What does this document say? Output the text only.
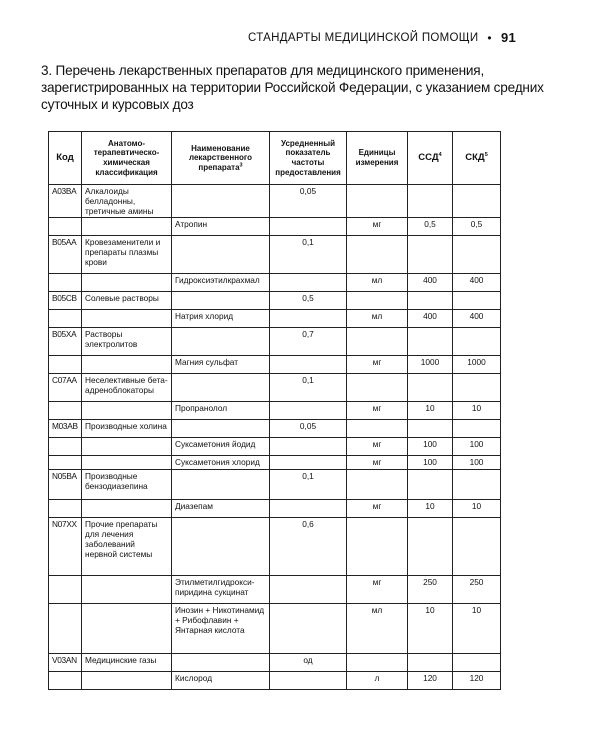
СТАНДАРТЫ МЕДИЦИНСКОЙ ПОМОЩИ • 91
3. Перечень лекарственных препаратов для медицинского применения,
зарегистрированных на территории Российской Федерации, с указанием средних
суточных и курсовых доз
Код	Анатомо-терапевтическо-химическая классификация	Наименование лекарственного препарата$^3$	Усредненный показатель частоты предоставления	Единицы измерения	ССД$^4$	СКД$^5$
A03BA	Алкалоиды белладонны, третичные амины		0,05			
		Атропин		мг	0,5	0,5
B05AA	Кровезаменители и препараты плазмы крови		0,1			
		Гидроксиэтилкрахмал		мл	400	400
B05CB	Солевые растворы		0,5			
		Натрия хлорид		мл	400	400
B05XA	Растворы электролитов		0,7			
		Магния сульфат		мг	1000	1000
C07AA	Неселективные бета-адреноблокаторы		0,1			
		Пропранолол		мг	10	10
M03AB	Производные холина		0,05			
		Суксаметония йодид		мг	100	100
		Суксаметония хлорид		мг	100	100
N05BA	Производные бензодиазепина		0,1			
		Диазепам		мг	10	10
N07XX	Прочие препараты для лечения заболеваний нервной системы		0,6			
		Этилметилгидрокси-пиридина сукцинат		мг	250	250
		Инозин + Никотинамид + Рибофлавин + Янтарная кислота		мл	10	10
V03AN	Медицинские газы		од			
		Кислород		л	120	120
